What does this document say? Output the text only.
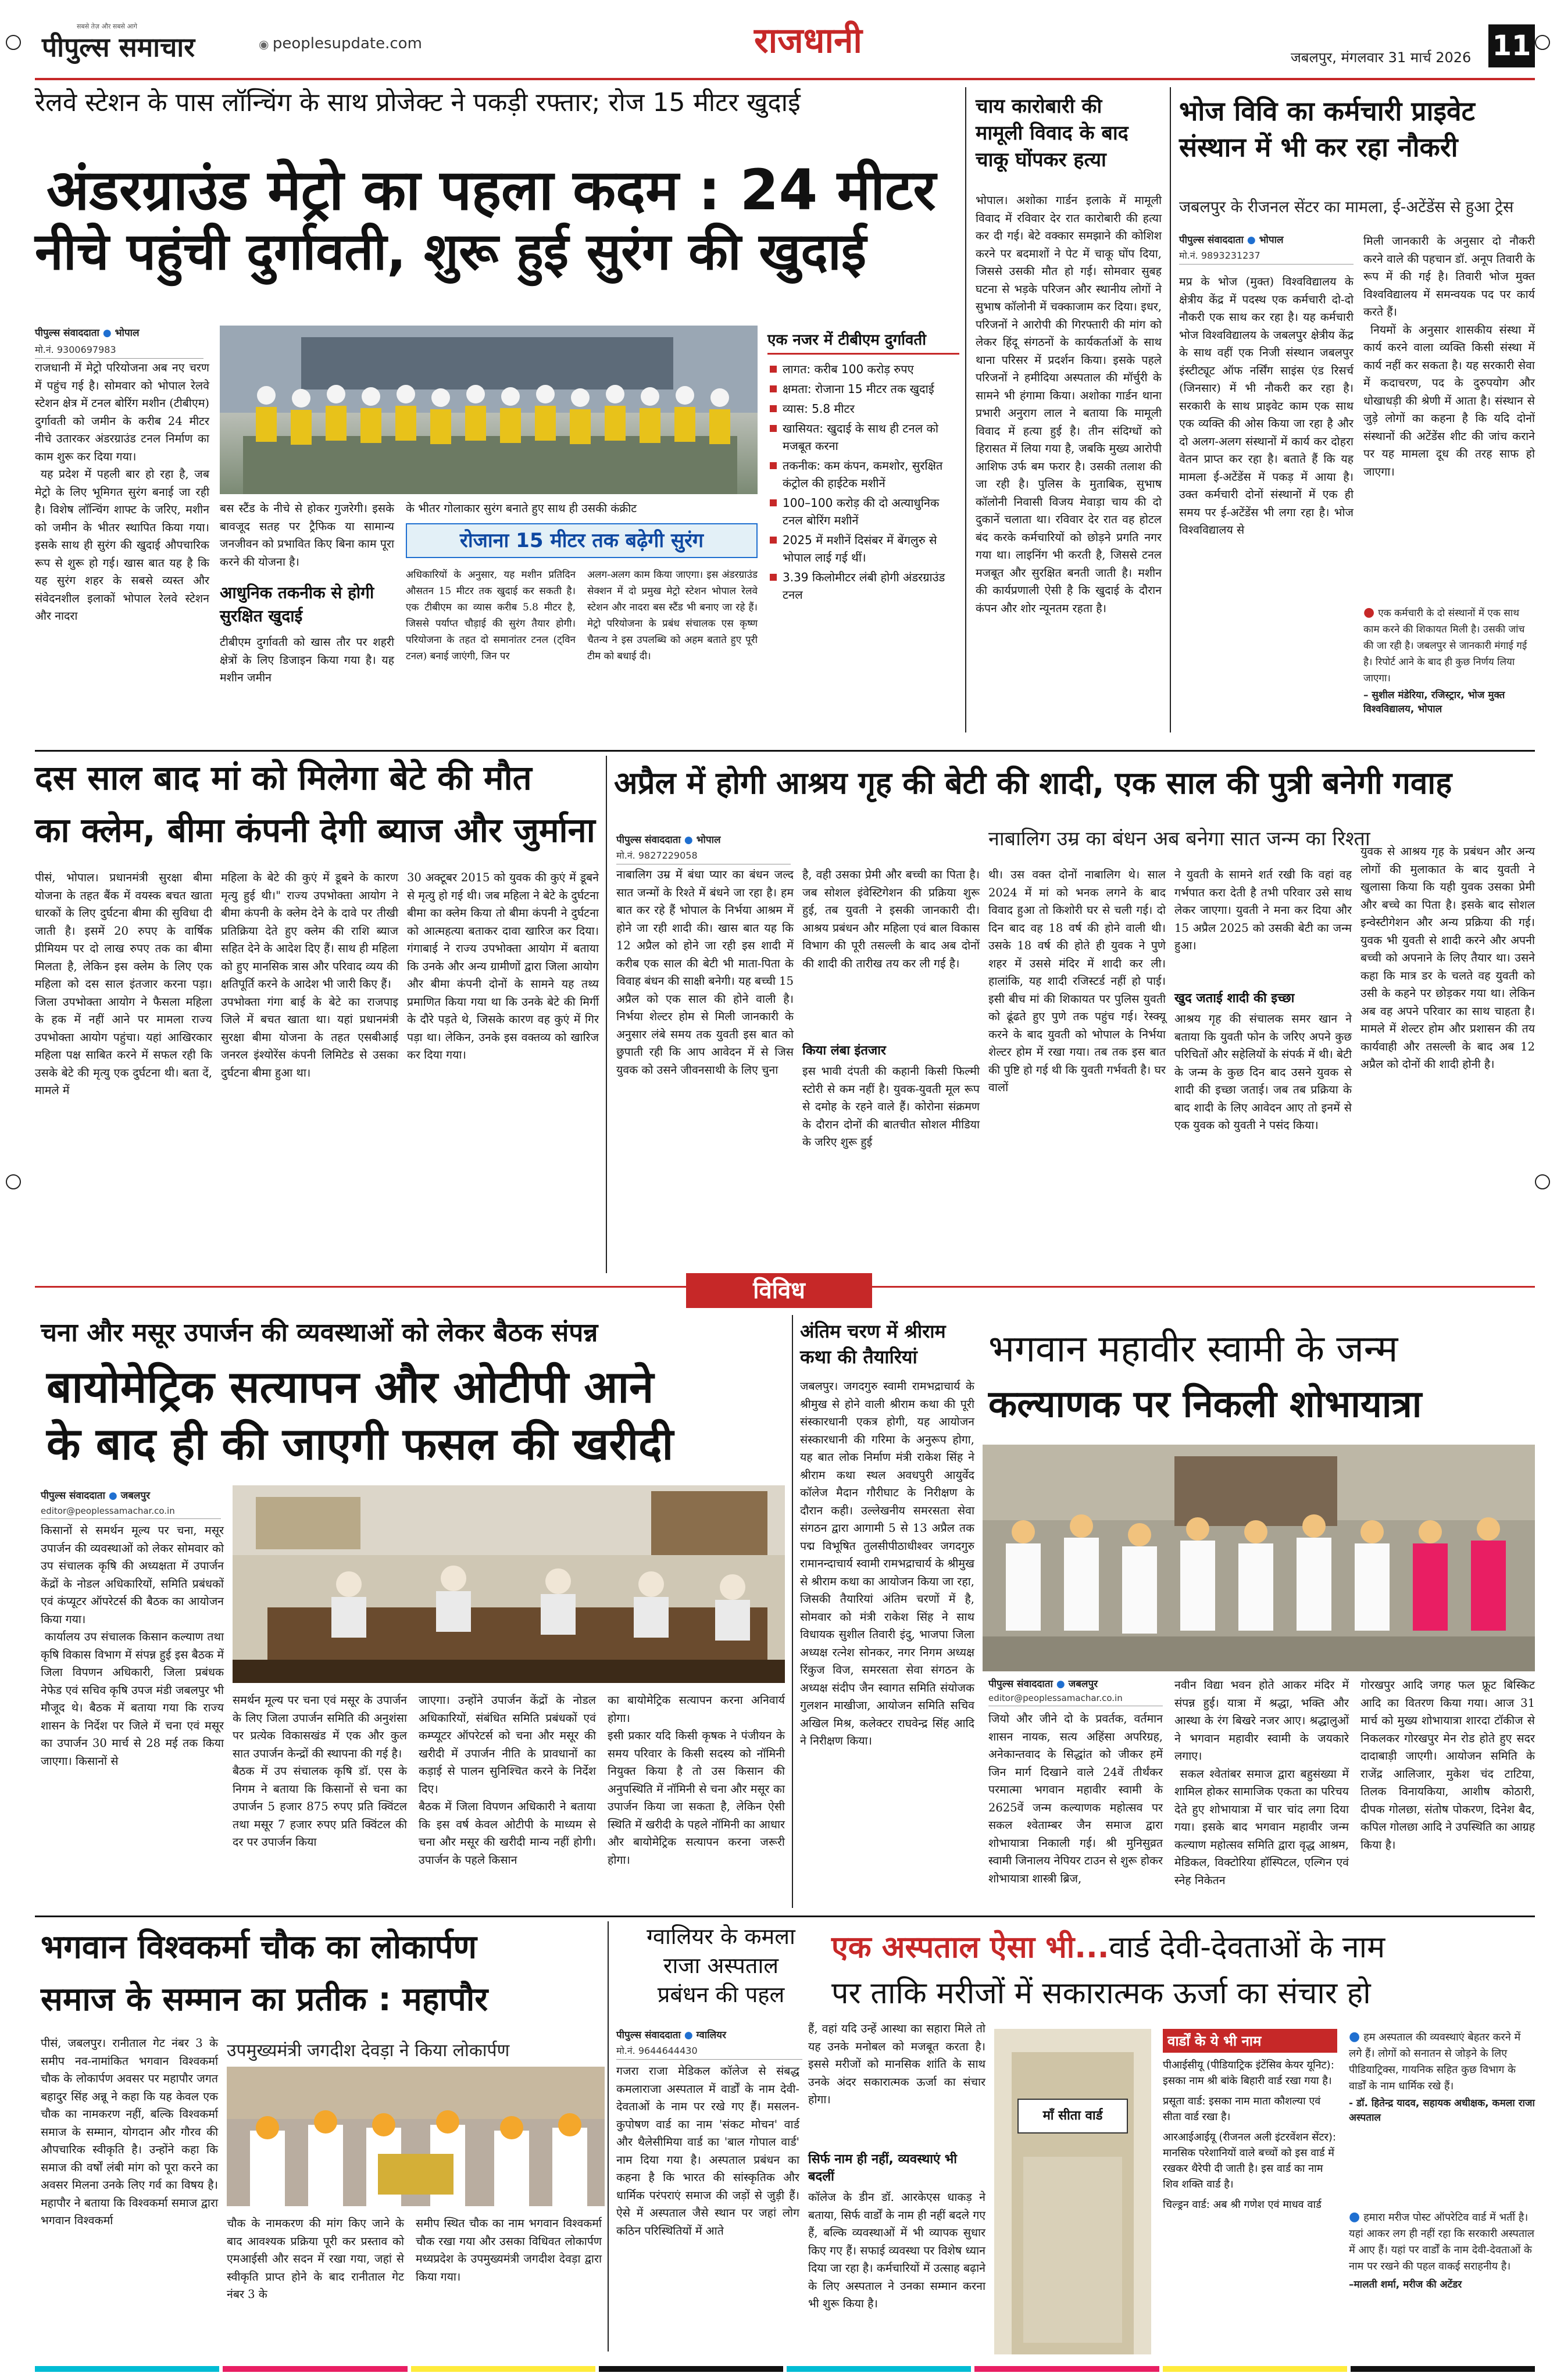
सबसे तेज़ और सबसे आगे
पीपुल्स समाचार	◉ peoplesupdate.com	राजधानी	जबलपुर, मंगलवार 31 मार्च 2026 11
रेलवे स्टेशन के पास लॉन्चिंग के साथ प्रोजेक्ट ने पकड़ी रफ्तार; रोज 15 मीटर खुदाई
अंडरग्राउंड मेट्रो का पहला कदम : 24 मीटर
नीचे पहुंची दुर्गावती, शुरू हुई सुरंग की खुदाई
पीपुल्स संवाददाता ● भोपाल
मो.नं. 9300697983
राजधानी में मेट्रो परियोजना अब नए चरण में पहुंच गई है। सोमवार को भोपाल रेलवे स्टेशन क्षेत्र में टनल बोरिंग मशीन (टीबीएम) दुर्गावती को जमीन के करीब 24 मीटर नीचे उतारकर अंडरग्राउंड टनल निर्माण का काम शुरू कर दिया गया।
यह प्रदेश में पहली बार हो रहा है, जब मेट्रो के लिए भूमिगत सुरंग बनाई जा रही है। विशेष लॉन्चिंग शाफ्ट के जरिए, मशीन को जमीन के भीतर स्थापित किया गया। इसके साथ ही सुरंग की खुदाई औपचारिक रूप से शुरू हो गई। खास बात यह है कि यह सुरंग शहर के सबसे व्यस्त और संवेदनशील इलाकों भोपाल रेलवे स्टेशन और नादरा
बस स्टैंड के नीचे से होकर गुजरेगी। इसके बावजूद सतह पर ट्रैफिक या सामान्य जनजीवन को प्रभावित किए बिना काम पूरा करने की योजना है।
आधुनिक तकनीक से होगी सुरक्षित खुदाई
टीबीएम दुर्गावती को खास तौर पर शहरी क्षेत्रों के लिए डिजाइन किया गया है। यह मशीन जमीन
के भीतर गोलाकार सुरंग बनाते हुए साथ ही उसकी कंक्रीट
रोजाना 15 मीटर तक बढ़ेगी सुरंग
अधिकारियों के अनुसार, यह मशीन प्रतिदिन औसतन 15 मीटर तक खुदाई कर सकती है। एक टीबीएम का व्यास करीब 5.8 मीटर है, जिससे पर्याप्त चौड़ाई की सुरंग तैयार होगी। परियोजना के तहत दो समानांतर टनल (ट्विन टनल) बनाई जाएंगी, जिन पर
अलग-अलग काम किया जाएगा। इस अंडरग्राउंड सेक्शन में दो प्रमुख मेट्रो स्टेशन भोपाल रेलवे स्टेशन और नादरा बस स्टैंड भी बनाए जा रहे हैं। मेट्रो परियोजना के प्रबंध संचालक एस कृष्ण चैतन्य ने इस उपलब्धि को अहम बताते हुए पूरी टीम को बधाई दी।
एक नजर में टीबीएम दुर्गावती
लागत: करीब 100 करोड़ रुपए
क्षमता: रोजाना 15 मीटर तक खुदाई
व्यास: 5.8 मीटर
खासियत: खुदाई के साथ ही टनल को मजबूत करना
तकनीक: कम कंपन, कमशोर, सुरक्षित कंट्रोल की हाईटेक मशीनें
100–100 करोड़ की दो अत्याधुनिक टनल बोरिंग मशीनें
2025 में मशीनें दिसंबर में बेंगलुरु से भोपाल लाई गई थीं।
3.39 किलोमीटर लंबी होगी अंडरग्राउंड टनल
चाय कारोबारी की मामूली विवाद के बाद चाकू घोंपकर हत्या
भोपाल। अशोका गार्डन इलाके में मामूली विवाद में रविवार देर रात कारोबारी की हत्या कर दी गई। बेटे वक्कार समझाने की कोशिश करने पर बदमाशों ने पेट में चाकू घोंप दिया, जिससे उसकी मौत हो गई। सोमवार सुबह घटना से भड़के परिजन और स्थानीय लोगों ने सुभाष कॉलोनी में चक्काजाम कर दिया। इधर, परिजनों ने आरोपी की गिरफ्तारी की मांग को लेकर हिंदू संगठनों के कार्यकर्ताओं के साथ थाना परिसर में प्रदर्शन किया। इसके पहले परिजनों ने हमीदिया अस्पताल की मॉर्चुरी के सामने भी हंगामा किया। अशोका गार्डन थाना प्रभारी अनुराग लाल ने बताया कि मामूली विवाद में हत्या हुई है। तीन संदिग्धों को हिरासत में लिया गया है, जबकि मुख्य आरोपी आशिफ उर्फ बम फरार है। उसकी तलाश की जा रही है। पुलिस के मुताबिक, सुभाष कॉलोनी निवासी विजय मेवाड़ा चाय की दो दुकानें चलाता था। रविवार देर रात वह होटल बंद करके कर्मचारियों को छोड़ने प्रगति नगर गया था। लाइनिंग भी करती है, जिससे टनल मजबूत और सुरक्षित बनती जाती है। मशीन की कार्यप्रणाली ऐसी है कि खुदाई के दौरान कंपन और शोर न्यूनतम रहता है।
भोज विवि का कर्मचारी प्राइवेट संस्थान में भी कर रहा नौकरी
जबलपुर के रीजनल सेंटर का मामला, ई-अटेंडेंस से हुआ ट्रेस
पीपुल्स संवाददाता ● भोपाल
मो.नं. 9893231237
मप्र के भोज (मुक्त) विश्वविद्यालय के क्षेत्रीय केंद्र में पदस्थ एक कर्मचारी दो-दो नौकरी एक साथ कर रहा है। यह कर्मचारी भोज विश्वविद्यालय के जबलपुर क्षेत्रीय केंद्र के साथ वहीं एक निजी संस्थान जबलपुर इंस्टीट्यूट ऑफ नर्सिंग साइंस एंड रिसर्च (जिनसार) में भी नौकरी कर रहा है। सरकारी के साथ प्राइवेट काम एक साथ एक व्यक्ति की ओस किया जा रहा है और दो अलग-अलग संस्थानों में कार्य कर दोहरा वेतन प्राप्त कर रहा है। बताते हैं कि यह मामला ई-अटेंडेंस में पकड़ में आया है। उक्त कर्मचारी दोनों संस्थानों में एक ही समय पर ई-अटेंडेंस भी लगा रहा है। भोज विश्वविद्यालय से
मिली जानकारी के अनुसार दो नौकरी करने वाले की पहचान डॉ. अनूप तिवारी के रूप में की गई है। तिवारी भोज मुक्त विश्वविद्यालय में समन्वयक पद पर कार्य करते हैं।
नियमों के अनुसार शासकीय संस्था में कार्य करने वाला व्यक्ति किसी संस्था में कार्य नहीं कर सकता है। यह सरकारी सेवा में कदाचरण, पद के दुरुपयोग और धोखाधड़ी की श्रेणी में आता है। संस्थान से जुड़े लोगों का कहना है कि यदि दोनों संस्थानों की अटेंडेंस शीट की जांच कराने पर यह मामला दूध की तरह साफ हो जाएगा।
● एक कर्मचारी के दो संस्थानों में एक साथ काम करने की शिकायत मिली है। उसकी जांच की जा रही है। जबलपुर से जानकारी मंगाई गई है। रिपोर्ट आने के बाद ही कुछ निर्णय लिया जाएगा।
– सुशील मंडेरिया, रजिस्ट्रार, भोज मुक्त विश्वविद्यालय, भोपाल
दस साल बाद मां को मिलेगा बेटे की मौत
का क्लेम, बीमा कंपनी देगी ब्याज और जुर्माना
पीसं, भोपाल। प्रधानमंत्री सुरक्षा बीमा योजना के तहत बैंक में वयस्क बचत खाता धारकों के लिए दुर्घटना बीमा की सुविधा दी जाती है। इसमें 20 रुपए के वार्षिक प्रीमियम पर दो लाख रुपए तक का बीमा मिलता है, लेकिन इस क्लेम के लिए एक महिला को दस साल इंतजार करना पड़ा। जिला उपभोक्ता आयोग ने फैसला महिला के हक में नहीं आने पर मामला राज्य उपभोक्ता आयोग पहुंचा। यहां आखिरकार महिला पक्ष साबित करने में सफल रही कि उसके बेटे की मृत्यु एक दुर्घटना थी। बता दें, मामले में
महिला के बेटे की कुएं में डूबने के कारण मृत्यु हुई थी।" राज्य उपभोक्ता आयोग ने बीमा कंपनी के क्लेम देने के दावे पर तीखी प्रतिक्रिया देते हुए क्लेम की राशि ब्याज सहित देने के आदेश दिए हैं। साथ ही महिला को हुए मानसिक त्रास और परिवाद व्यय की क्षतिपूर्ति करने के आदेश भी जारी किए हैं।
उपभोक्ता गंगा बाई के बेटे का राजपाइ जिले में बचत खाता था। यहां प्रधानमंत्री सुरक्षा बीमा योजना के तहत एसबीआई जनरल इंश्योरेंस कंपनी लिमिटेड से उसका दुर्घटना बीमा हुआ था।
30 अक्टूबर 2015 को युवक की कुएं में डूबने से मृत्यु हो गई थी। जब महिला ने बेटे के दुर्घटना बीमा का क्लेम किया तो बीमा कंपनी ने दुर्घटना को आत्महत्या बताकर दावा खारिज कर दिया। गंगाबाई ने राज्य उपभोक्ता आयोग में बताया कि उनके और अन्य ग्रामीणों द्वारा जिला आयोग और बीमा कंपनी दोनों के सामने यह तथ्य प्रमाणित किया गया था कि उनके बेटे की मिर्गी के दौरे पड़ते थे, जिसके कारण वह कुएं में गिर पड़ा था। लेकिन, उनके इस वक्तव्य को खारिज कर दिया गया।
अप्रैल में होगी आश्रय गृह की बेटी की शादी, एक साल की पुत्री बनेगी गवाह
नाबालिग उम्र का बंधन अब बनेगा सात जन्म का रिश्ता
पीपुल्स संवाददाता ● भोपाल
मो.नं. 9827229058
नाबालिग उम्र में बंधा प्यार का बंधन जल्द सात जन्मों के रिश्ते में बंधने जा रहा है। हम बात कर रहे हैं भोपाल के निर्भया आश्रम में होने जा रही शादी की। खास बात यह कि 12 अप्रैल को होने जा रही इस शादी में करीब एक साल की बेटी भी माता-पिता के विवाह बंधन की साक्षी बनेगी। यह बच्ची 15 अप्रैल को एक साल की होने वाली है। निर्भया शेल्टर होम से मिली जानकारी के अनुसार लंबे समय तक युवती इस बात को छुपाती रही कि आप आवेदन में से जिस युवक को उसने जीवनसाथी के लिए चुना
है, वही उसका प्रेमी और बच्ची का पिता है। जब सोशल इंवेस्टिगेशन की प्रक्रिया शुरू हुई, तब युवती ने इसकी जानकारी दी। आश्रय प्रबंधन और महिला एवं बाल विकास विभाग की पूरी तसल्ली के बाद अब दोनों की शादी की तारीख तय कर ली गई है।
किया लंबा इंतजार
इस भावी दंपती की कहानी किसी फिल्मी स्टोरी से कम नहीं है। युवक-युवती मूल रूप से दमोह के रहने वाले हैं। कोरोना संक्रमण के दौरान दोनों की बातचीत सोशल मीडिया के जरिए शुरू हुई
थी। उस वक्त दोनों नाबालिग थे। साल 2024 में मां को भनक लगने के बाद विवाद हुआ तो किशोरी घर से चली गई। दो दिन बाद वह 18 वर्ष की होने वाली थी। उसके 18 वर्ष की होते ही युवक ने पुणे शहर में उससे मंदिर में शादी कर ली। हालांकि, यह शादी रजिस्टर्ड नहीं हो पाई। इसी बीच मां की शिकायत पर पुलिस युवती को ढूंढते हुए पुणे तक पहुंच गई। रेस्क्यू करने के बाद युवती को भोपाल के निर्भया शेल्टर होम में रखा गया। तब तक इस बात की पुष्टि हो गई थी कि युवती गर्भवती है। घर वालों
ने युवती के सामने शर्त रखी कि वहां वह गर्भपात करा देती है तभी परिवार उसे साथ लेकर जाएगा। युवती ने मना कर दिया और 15 अप्रैल 2025 को उसकी बेटी का जन्म हुआ।
खुद जताई शादी की इच्छा
आश्रय गृह की संचालक समर खान ने बताया कि युवती फोन के जरिए अपने कुछ परिचितों और सहेलियों के संपर्क में थी। बेटी के जन्म के कुछ दिन बाद उसने युवक से शादी की इच्छा जताई। जब तब प्रक्रिया के बाद शादी के लिए आवेदन आए तो इनमें से एक युवक को युवती ने पसंद किया।
युवक से आश्रय गृह के प्रबंधन और अन्य लोगों की मुलाकात के बाद युवती ने खुलासा किया कि यही युवक उसका प्रेमी और बच्चे का पिता है। इसके बाद सोशल इन्वेस्टीगेशन और अन्य प्रक्रिया की गई। युवक भी युवती से शादी करने और अपनी बच्ची को अपनाने के लिए तैयार था। उसने कहा कि मात्र डर के चलते वह युवती को उसी के कहने पर छोड़कर गया था। लेकिन अब वह अपने परिवार का साथ चाहता है। मामले में शेल्टर होम और प्रशासन की तय कार्यवाही और तसल्ली के बाद अब 12 अप्रैल को दोनों की शादी होनी है।
विविध
चना और मसूर उपार्जन की व्यवस्थाओं को लेकर बैठक संपन्न
बायोमेट्रिक सत्यापन और ओटीपी आने
के बाद ही की जाएगी फसल की खरीदी
पीपुल्स संवाददाता ● जबलपुर
editor@peoplessamachar.co.in
किसानों से समर्थन मूल्य पर चना, मसूर उपार्जन की व्यवस्थाओं को लेकर सोमवार को उप संचालक कृषि की अध्यक्षता में उपार्जन केंद्रों के नोडल अधिकारियों, समिति प्रबंधकों एवं कंप्यूटर ऑपरेटर्स की बैठक का आयोजन किया गया।
कार्यालय उप संचालक किसान कल्याण तथा कृषि विकास विभाग में संपन्न हुई इस बैठक में जिला विपणन अधिकारी, जिला प्रबंधक नेफेड एवं सचिव कृषि उपज मंडी जबलपुर भी मौजूद थे। बैठक में बताया गया कि राज्य शासन के निर्देश पर जिले में चना एवं मसूर का उपार्जन 30 मार्च से 28 मई तक किया जाएगा। किसानों से
समर्थन मूल्य पर चना एवं मसूर के उपार्जन के लिए जिला उपार्जन समिति की अनुशंसा पर प्रत्येक विकासखंड में एक और कुल सात उपार्जन केन्द्रों की स्थापना की गई है।
बैठक में उप संचालक कृषि डॉ. एस के निगम ने बताया कि किसानों से चना का उपार्जन 5 हजार 875 रुपए प्रति क्विंटल तथा मसूर 7 हजार रुपए प्रति क्विंटल की दर पर उपार्जन किया
जाएगा। उन्होंने उपार्जन केंद्रों के नोडल अधिकारियों, संबंधित समिति प्रबंधकों एवं कम्प्यूटर ऑपरेटर्स को चना और मसूर की खरीदी में उपार्जन नीति के प्रावधानों का कड़ाई से पालन सुनिश्चित करने के निर्देश दिए।
बैठक में जिला विपणन अधिकारी ने बताया कि इस वर्ष केवल ओटीपी के माध्यम से चना और मसूर की खरीदी मान्य नहीं होगी। उपार्जन के पहले किसान
का बायोमेट्रिक सत्यापन करना अनिवार्य होगा।
इसी प्रकार यदि किसी कृषक ने पंजीयन के समय परिवार के किसी सदस्य को नॉमिनी नियुक्त किया है तो उस किसान की अनुपस्थिति में नॉमिनी से चना और मसूर का उपार्जन किया जा सकता है, लेकिन ऐसी स्थिति में खरीदी के पहले नॉमिनी का आधार और बायोमेट्रिक सत्यापन करना जरूरी होगा।
अंतिम चरण में श्रीराम कथा की तैयारियां
जबलपुर। जगदगुरु स्वामी रामभद्राचार्य के श्रीमुख से होने वाली श्रीराम कथा की पूरी संस्कारधानी एकत्र होगी, यह आयोजन संस्कारधानी की गरिमा के अनुरूप होगा, यह बात लोक निर्माण मंत्री राकेश सिंह ने श्रीराम कथा स्थल अवधपुरी आयुर्वेद कॉलेज मैदान गौरीघाट के निरीक्षण के दौरान कही। उल्लेखनीय समरसता सेवा संगठन द्वारा आगामी 5 से 13 अप्रैल तक पद्म विभूषित तुलसीपीठाधीश्वर जगदगुरु रामानन्दाचार्य स्वामी रामभद्राचार्य के श्रीमुख से श्रीराम कथा का आयोजन किया जा रहा, जिसकी तैयारियां अंतिम चरणों में है, सोमवार को मंत्री राकेश सिंह ने साथ विधायक सुशील तिवारी इंदु, भाजपा जिला अध्यक्ष रत्नेश सोनकर, नगर निगम अध्यक्ष रिंकुज विज, समरसता सेवा संगठन के अध्यक्ष संदीप जैन स्वागत समिति संयोजक गुलशन माखीजा, आयोजन समिति सचिव अखिल मिश्र, कलेक्टर राघवेन्द्र सिंह आदि ने निरीक्षण किया।
भगवान महावीर स्वामी के जन्म
कल्याणक पर निकली शोभायात्रा
पीपुल्स संवाददाता ● जबलपुर
editor@peoplessamachar.co.in
जियो और जीने दो के प्रवर्तक, वर्तमान शासन नायक, सत्य अहिंसा अपरिग्रह, अनेकान्तवाद के सिद्धांत को जीकर हमें जिन मार्ग दिखाने वाले 24वें तीर्थंकर परमात्मा भगवान महावीर स्वामी के 2625वें जन्म कल्याणक महोत्सव पर सकल श्वेताम्बर जैन समाज द्वारा शोभायात्रा निकाली गई। श्री मुनिसुव्रत स्वामी जिनालय नेपियर टाउन से शुरू होकर शोभायात्रा शास्त्री ब्रिज,
नवीन विद्या भवन होते आकर मंदिर में संपन्न हुई। यात्रा में श्रद्धा, भक्ति और आस्था के रंग बिखरे नजर आए। श्रद्धालुओं ने भगवान महावीर स्वामी के जयकारे लगाए।
सकल श्वेतांबर समाज द्वारा बहुसंख्या में शामिल होकर सामाजिक एकता का परिचय देते हुए शोभायात्रा में चार चांद लगा दिया गया। इसके बाद भगवान महावीर जन्म कल्याण महोत्सव समिति द्वारा वृद्ध आश्रम, मेडिकल, विक्टोरिया हॉस्पिटल, एल्गिन एवं स्नेह निकेतन
गोरखपुर आदि जगह फल फ्रूट बिस्किट आदि का वितरण किया गया। आज 31 मार्च को मुख्य शोभायात्रा शारदा टॉकीज से निकलकर गोरखपुर मेन रोड होते हुए सदर दादाबाड़ी जाएगी। आयोजन समिति के राजेंद्र आलिजार, मुकेश चंद टाटिया, तिलक विनायकिया, आशीष कोठारी, दीपक गोलछा, संतोष पोकरण, दिनेश बैद, कपिल गोलछा आदि ने उपस्थिति का आग्रह किया है।
भगवान विश्वकर्मा चौक का लोकार्पण
समाज के सम्मान का प्रतीक : महापौर
पीसं, जबलपुर। रानीताल गेट नंबर 3 के समीप नव-नामांकित भगवान विश्वकर्मा चौक के लोकार्पण अवसर पर महापौर जगत बहादुर सिंह अन्नू ने कहा कि यह केवल एक चौक का नामकरण नहीं, बल्कि विश्वकर्मा समाज के सम्मान, योगदान और गौरव की औपचारिक स्वीकृति है। उन्होंने कहा कि समाज की वर्षों लंबी मांग को पूरा करने का अवसर मिलना उनके लिए गर्व का विषय है। महापौर ने बताया कि विश्वकर्मा समाज द्वारा भगवान विश्वकर्मा
उपमुख्यमंत्री जगदीश देवड़ा ने किया लोकार्पण
चौक के नामकरण की मांग किए जाने के बाद आवश्यक प्रक्रिया पूरी कर प्रस्ताव को एमआईसी और सदन में रखा गया, जहां से स्वीकृति प्राप्त होने के बाद रानीताल गेट नंबर 3 के
समीप स्थित चौक का नाम भगवान विश्वकर्मा चौक रखा गया और उसका विधिवत लोकार्पण मध्यप्रदेश के उपमुख्यमंत्री जगदीश देवड़ा द्वारा किया गया।
ग्वालियर के कमला
राजा अस्पताल
प्रबंधन की पहल
पीपुल्स संवाददाता ● ग्वालियर
मो.नं. 9644644430
गजरा राजा मेडिकल कॉलेज से संबद्ध कमलाराजा अस्पताल में वार्डों के नाम देवी-देवताओं के नाम पर रखे गए हैं। मसलन-कुपोषण वार्ड का नाम 'संकट मोचन' वार्ड और थैलेसीमिया वार्ड का 'बाल गोपाल वार्ड' नाम दिया गया है। अस्पताल प्रबंधन का कहना है कि भारत की सांस्कृतिक और धार्मिक परंपराएं समाज की जड़ों से जुड़ी हैं। ऐसे में अस्पताल जैसे स्थान पर जहां लोग कठिन परिस्थितियों में आते
हैं, वहां यदि उन्हें आस्था का सहारा मिले तो यह उनके मनोबल को मजबूत करता है। इससे मरीजों को मानसिक शांति के साथ उनके अंदर सकारात्मक ऊर्जा का संचार होगा।
सिर्फ नाम ही नहीं, व्यवस्थाएं भी बदलीं
कॉलेज के डीन डॉ. आरकेएस धाकड़ ने बताया, सिर्फ वार्डों के नाम ही नहीं बदले गए हैं, बल्कि व्यवस्थाओं में भी व्यापक सुधार किए गए हैं। सफाई व्यवस्था पर विशेष ध्यान दिया जा रहा है। कर्मचारियों में उत्साह बढ़ाने के लिए अस्पताल ने उनका सम्मान करना भी शुरू किया है।
एक अस्पताल ऐसा भी...वार्ड देवी-देवताओं के नाम
पर ताकि मरीजों में सकारात्मक ऊर्जा का संचार हो
माँ सीता वार्ड
वार्डों के ये भी नाम
पीआईसीयू (पीडियाट्रिक इंटेंसिव केयर यूनिट): इसका नाम श्री बांके बिहारी वार्ड रखा गया है।
प्रसूता वार्ड: इसका नाम माता कौशल्या एवं सीता वार्ड रखा है।
आरआईआईयू (रीजनल अली इंटरवेंशन सेंटर): मानसिक परेशानियों वाले बच्चों को इस वार्ड में रखकर थैरेपी दी जाती है। इस वार्ड का नाम शिव शक्ति वार्ड है।
चिल्ड्रन वार्ड: अब श्री गणेश एवं माधव वार्ड
● हम अस्पताल की व्यवस्थाएं बेहतर करने में लगे हैं। लोगों को सनातन से जोड़ने के लिए पीडियाट्रिक्स, गायनिक सहित कुछ विभाग के वार्डों के नाम धार्मिक रखे हैं।
- डॉ. हितेन्द्र यादव, सहायक अधीक्षक, कमला राजा अस्पताल
● हमारा मरीज पोस्ट ऑपरेटिव वार्ड में भर्ती है। यहां आकर लग ही नहीं रहा कि सरकारी अस्पताल में आए हैं। यहां पर वार्डों के नाम देवी-देवताओं के नाम पर रखने की पहल वाकई सराहनीय है।
–मालती शर्मा, मरीज की अटेंडर
